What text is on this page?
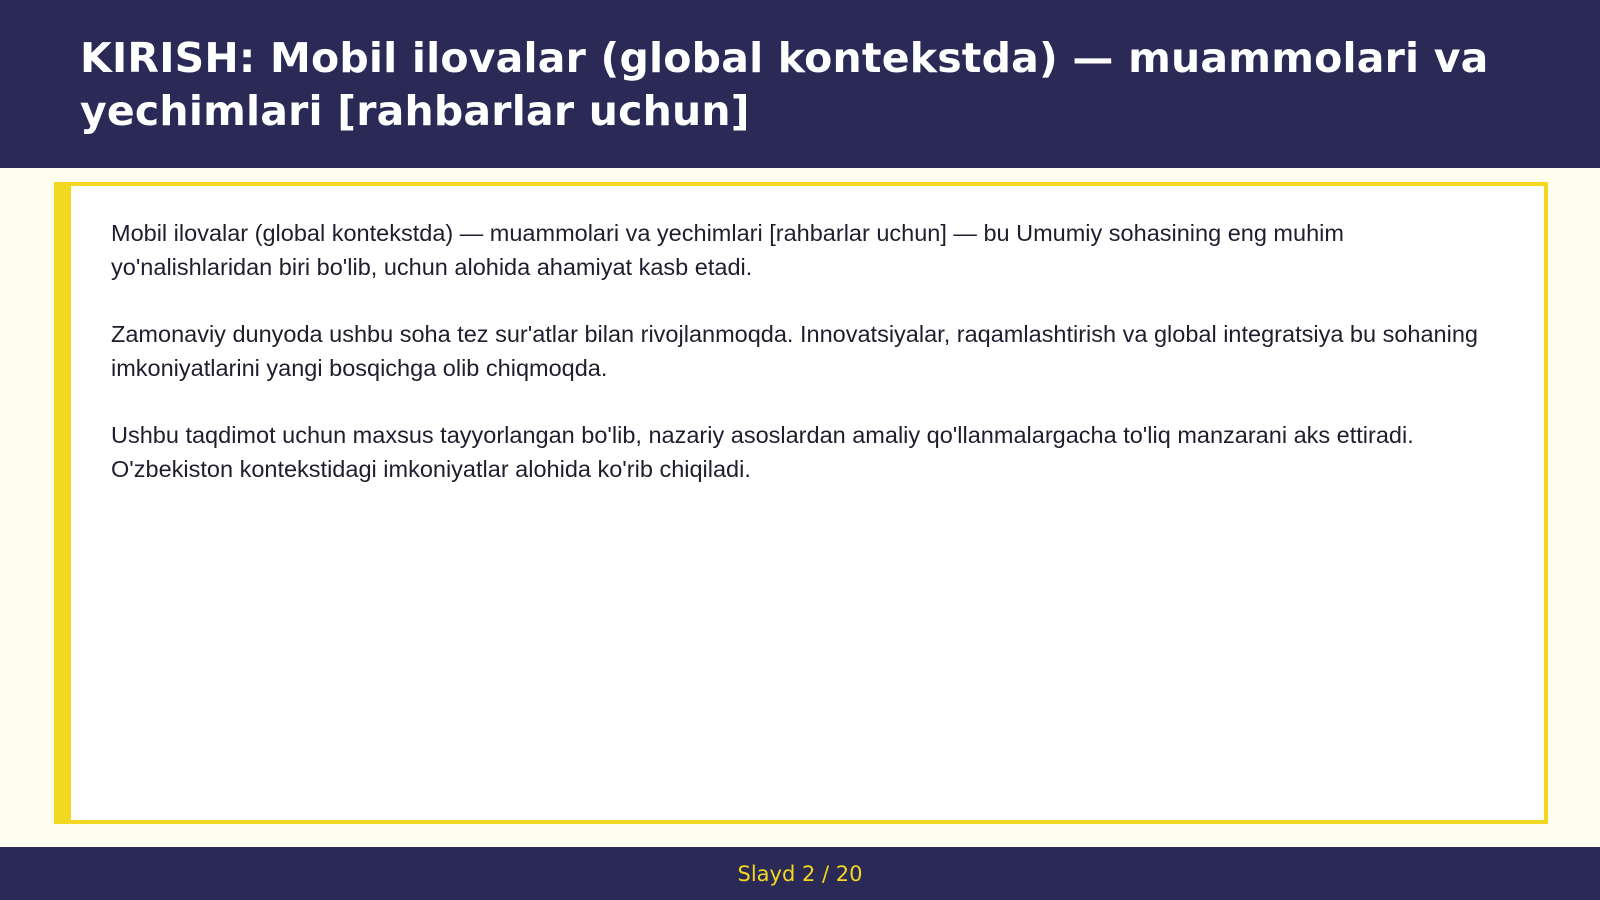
KIRISH: Mobil ilovalar (global kontekstda) — muammolari va yechimlari [rahbarlar uchun]

Mobil ilovalar (global kontekstda) — muammolari va yechimlari [rahbarlar uchun] — bu Umumiy sohasining eng muhim yo'nalishlaridan biri bo'lib, uchun alohida ahamiyat kasb etadi.

Zamonaviy dunyoda ushbu soha tez sur'atlar bilan rivojlanmoqda. Innovatsiyalar, raqamlashtirish va global integratsiya bu sohaning imkoniyatlarini yangi bosqichga olib chiqmoqda.

Ushbu taqdimot uchun maxsus tayyorlangan bo'lib, nazariy asoslardan amaliy qo'llanmalargacha to'liq manzarani aks ettiradi. O'zbekiston kontekstidagi imkoniyatlar alohida ko'rib chiqiladi.

Slayd 2 / 20
